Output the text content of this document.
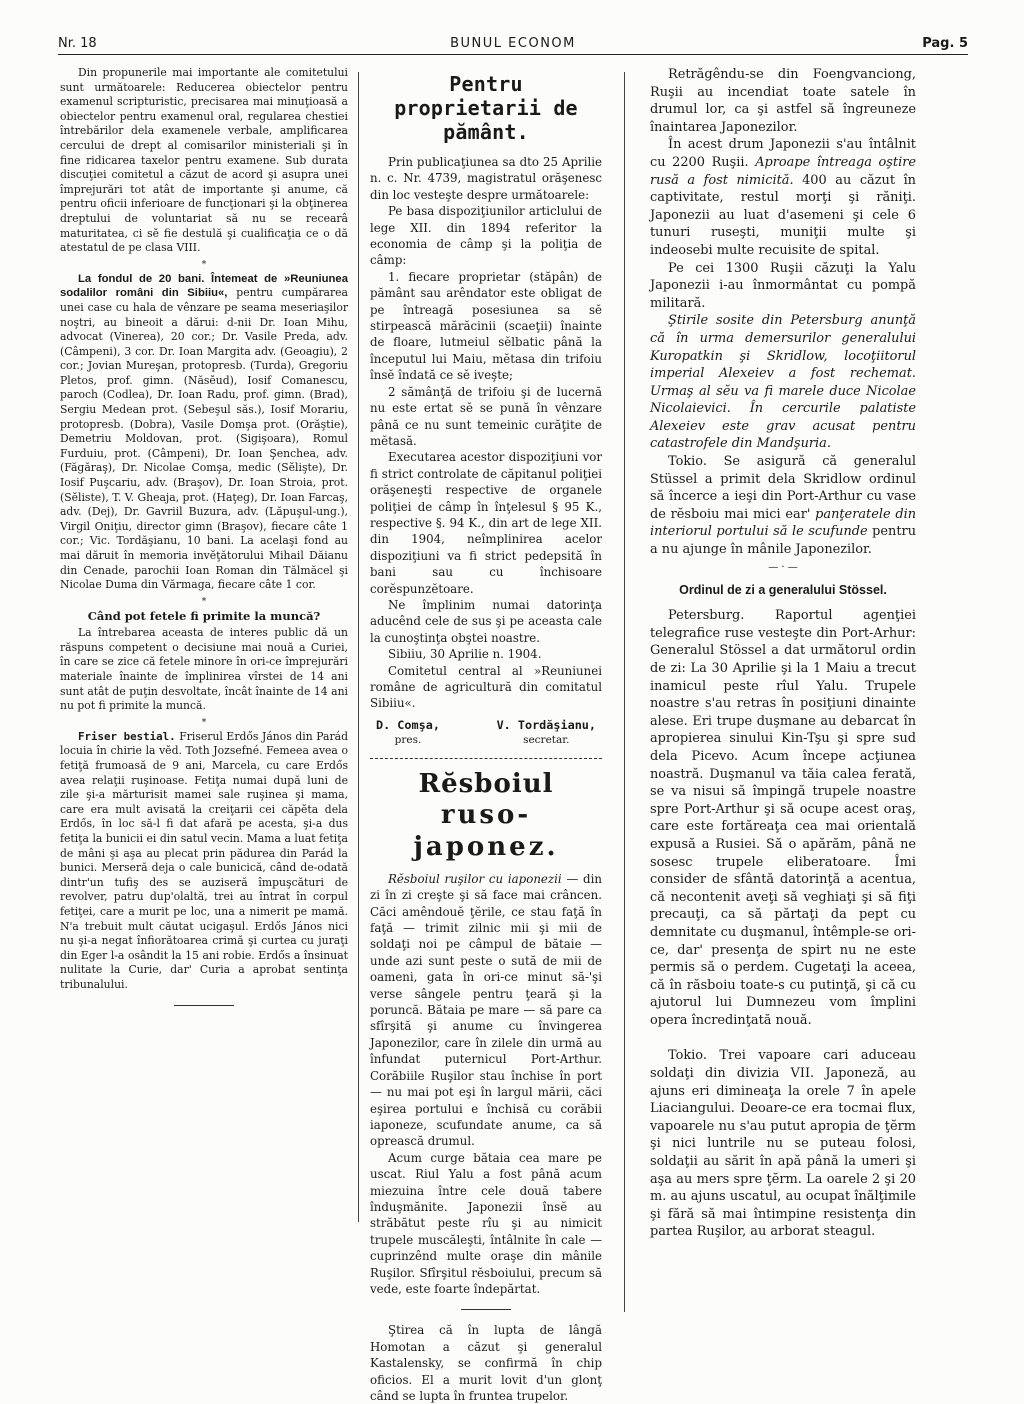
Nr. 18	BUNUL ECONOM	Pag. 5

Din propunerile mai importante ale comitetului sunt următoarele: Reducerea obiectelor pentru examenul scripturistic, precisarea mai minuţioasă a obiectelor pentru examenul oral, regularea chestiei întrebărilor dela examenele verbale, amplificarea cercului de drept al comisarilor ministeriali şi în fine ridicarea taxelor pentru examene. Sub durata discuţiei comitetul a căzut de acord şi asupra unei împrejurări tot atât de importante şi anume, că pentru oficii inferioare de funcţionari şi la obţinerea dreptului de voluntariat să nu se recearâ maturitatea, ci sĕ fie destulă şi cualificaţia ce o dă atestatul de pe clasa VIII.

*

La fondul de 20 bani. Întemeat de »Reuniunea sodalilor români din Sibiiu«, pentru cumpărarea unei case cu hala de vênzare pe seama meseriaşilor noştri, au bineoit a dărui: d-nii Dr. Ioan Mihu, advocat (Vinerea), 20 cor.; Dr. Vasile Preda, adv. (Câmpeni), 3 cor. Dr. Ioan Margita adv. (Geoagiu), 2 cor.; Jovian Mureşan, protopresb. (Turda), Gregoriu Pletos, prof. gimn. (Năsĕud), Iosif Comanescu, paroch (Codlea), Dr. Ioan Radu, prof. gimn. (Brad), Sergiu Medean prot. (Sebeşul săs.), Iosif Morariu, protopresb. (Dobra), Vasile Domşa prot. (Orăştie), Demetriu Moldovan, prot. (Sigişoara), Romul Furduiu, prot. (Câmpeni), Dr. Ioan Şenchea, adv. (Făgăraş), Dr. Nicolae Comşa, medic (Sĕlişte), Dr. Iosif Puşcariu, adv. (Braşov), Dr. Ioan Stroia, prot. (Sĕliste), T. V. Gheaja, prot. (Haţeg), Dr. Ioan Farcaş, adv. (Dej), Dr. Gavriil Buzura, adv. (Lăpuşul-ung.), Virgil Oniţiu, director gimn (Braşov), fiecare câte 1 cor.; Vic. Tordăşianu, 10 bani. La acelaşi fond au mai dăruit în memoria invĕţătorului Mihail Dăianu din Cenade, parochii Ioan Roman din Tălmăcel şi Nicolae Duma din Vărmaga, fiecare câte 1 cor.

*
Când pot fetele fi primite la muncă?

La întrebarea aceasta de interes public dă un răspuns competent o decisiune mai nouă a Curiei, în care se zice că fetele minore în ori-ce împrejurări materiale înainte de împlinirea vîrstei de 14 ani sunt atât de puţin desvoltate, încât înainte de 14 ani nu pot fi primite la muncă.

*

Friser bestial. Friserul Erdős János din Parád locuia în chirie la vĕd. Toth Jozsefné. Femeea avea o fetiţă frumoasă de 9 ani, Marcela, cu care Erdős avea relaţii ruşinoase. Fetiţa numai după luni de zile şi-a mărturisit mamei sale ruşinea şi mama, care era mult avisată la creiţarii cei căpĕta dela Erdős, în loc să-l fi dat afară pe acesta, şi-a dus fetiţa la bunicii ei din satul vecin. Mama a luat fetiţa de mâni şi aşa au plecat prin pădurea din Parád la bunici. Merseră deja o cale bunicică, când de-odată dintr'un tufiş des se auziseră împuşcături de revolver, patru dup'olaltă, trei au întrat în corpul fetiţei, care a murit pe loc, una a nimerit pe mamă. N'a trebuit mult căutat ucigaşul. Erdős János nici nu şi-a negat înfiorătoarea crimă şi curtea cu juraţi din Eger l-a osândit la 15 ani robie. Erdős a însinuat nulitate la Curie, dar' Curia a aprobat sentinţa tribunalului.

Pentru proprietarii de pământ.

Prin publicaţiunea sa dto 25 Aprilie n. c. Nr. 4739, magistratul orăşenesc din loc vesteşte despre următoarele:

Pe basa dispoziţiunilor articlului de lege XII. din 1894 referitor la economia de câmp şi la poliţia de câmp:

1. fiecare proprietar (stăpân) de pământ sau arêndator este obligat de pe întreagă posesiunea sa sĕ stirpească mărăcinii (scaeţii) înainte de floare, lutmeiul sĕlbatic până la începutul lui Maiu, mĕtasa din trifoiu însĕ îndată ce sĕ iveşte;

2 sămânţă de trifoiu şi de lucernă nu este ertat sĕ se pună în vênzare până ce nu sunt temeinic curăţite de mĕtasă.

Executarea acestor dispoziţiuni vor fi strict controlate de căpitanul poliţiei orăşeneşti respective de organele poliţiei de câmp în înţelesul § 95 K., respective §. 94 K., din art de lege XII. din 1904, neîmplinirea acelor dispoziţiuni va fi strict pedepsită în bani sau cu închisoare corĕspunzĕtoare.

Ne împlinim numai datorinţa aducênd cele de sus şi pe aceasta cale la cunoştinţa obştei noastre.

Sibiiu, 30 Aprilie n. 1904.

Comitetul central al »Reuniunei române de agricultură din comitatul Sibiiu«.

D. Comşa,
pres.
V. Tordăşianu,
secretar.
Rĕsboiul
ruso-japonez.

Rĕsboiul ruşilor cu iaponezii — din zi în zi creşte şi să face mai crâncen. Căci amêndouĕ ţĕrile, ce stau faţă în faţă — trimit zilnic mii şi mii de soldaţi noi pe câmpul de bătaie — unde azi sunt peste o sută de mii de oameni, gata în ori-ce minut să-'şi verse sângele pentru ţeară şi la poruncă. Bătaia pe mare — să pare ca sfîrşită şi anume cu învingerea Japonezilor, care în zilele din urmă au înfundat puternicul Port-Arthur. Corăbiile Ruşilor stau închise în port — nu mai pot eşi în largul mării, căci eşirea portului e închisă cu corăbii iaponeze, scufundate anume, ca să oprească drumul.

Acum curge bătaia cea mare pe uscat. Riul Yalu a fost până acum miezuina între cele două tabere înduşmănite. Japonezii însĕ au străbătut peste rîu şi au nimicit trupele muscăleşti, întâlnite în cale — cuprinzênd multe oraşe din mânile Ruşilor. Sfîrşitul rĕsboiului, precum să vede, este foarte îndepărtat.

Ştirea că în lupta de lângă Homotan a căzut şi generalul Kastalensky, se confirmă în chip oficios. El a murit lovit d'un glonţ când se lupta în fruntea trupelor.

Retrăgêndu-se din Foengvanciong, Ruşii au incendiat toate satele în drumul lor, ca şi astfel să îngreuneze înaintarea Japonezilor.

În acest drum Japonezii s'au întâlnit cu 2200 Ruşii. Aproape întreaga oştire rusă a fost nimicită. 400 au căzut în captivitate, restul morţi şi răniţi. Japonezii au luat d'asemeni şi cele 6 tunuri ruseşti, muniţii multe şi indeosebi multe recuisite de spital.

Pe cei 1300 Ruşii căzuţi la Yalu Japonezii i-au înmormântat cu pompă militară.

Ştirile sosite din Petersburg anunţă că în urma demersurilor generalului Kuropatkin şi Skridlow, locoţiitorul imperial Alexeiev a fost rechemat. Urmaş al sĕu va fi marele duce Nicolae Nicolaievici. În cercurile palatiste Alexeiev este grav acusat pentru catastrofele din Mandşuria.

Tokio. Se asigură că generalul Stüssel a primit dela Skridlow ordinul să încerce a ieşi din Port-Arthur cu vase de rĕsboiu mai mici ear' panţeratele din interiorul portului să le scufunde pentru a nu ajunge în mânile Japonezilor.

— · —
Ordinul de zi a generalului Stössel.

Petersburg. Raportul agenţiei telegrafice ruse vesteşte din Port-Arhur: Generalul Stössel a dat următorul ordin de zi: La 30 Aprilie şi la 1 Maiu a trecut inamicul peste rîul Yalu. Trupele noastre s'au retras în posiţiuni dinainte alese. Eri trupe duşmane au debarcat în apropierea sinului Kin-Tşu şi spre sud dela Picevo. Acum începe acţiunea noastră. Duşmanul va tăia calea ferată, se va nisui să împingă trupele noastre spre Port-Arthur şi să ocupe acest oraş, care este fortăreaţa cea mai orientală expusă a Rusiei. Să o apărăm, până ne sosesc trupele eliberatoare. Îmi consider de sfântă datorinţă a acentua, că necontenit aveţi să veghiaţi şi să fiţi precauţi, ca să părtaţi da pept cu demnitate cu duşmanul, întêmple-se ori-ce, dar' presenţa de spirt nu ne este permis să o perdem. Cugetaţi la aceea, că în răsboiu toate-s cu putinţă, şi că cu ajutorul lui Dumnezeu vom împlini opera încredinţată nouă.

Tokio. Trei vapoare cari aduceau soldaţi din divizia VII. Japoneză, au ajuns eri dimineaţa la orele 7 în apele Liaciangului. Deoare-ce era tocmai flux, vapoarele nu s'au putut apropia de ţĕrm şi nici luntrile nu se puteau folosi, soldaţii au sărit în apă până la umeri şi aşa au mers spre ţĕrm. La oarele 2 şi 20 m. au ajuns uscatul, au ocupat înălţimile şi fără să mai întimpine resistenţa din partea Ruşilor, au arborat steagul.
